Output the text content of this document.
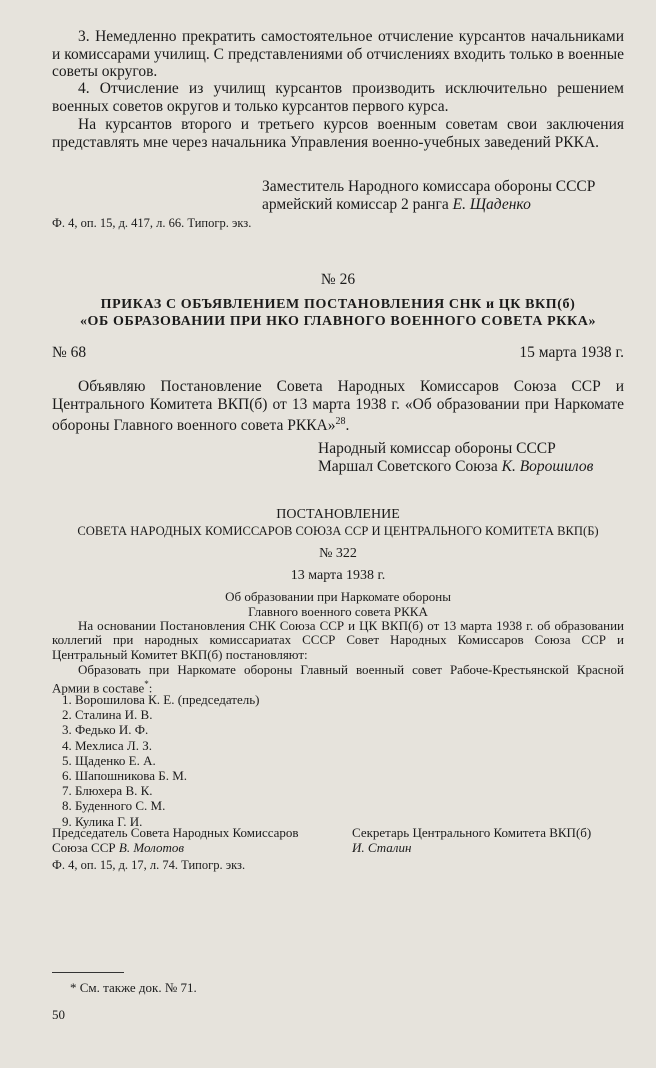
3. Немедленно прекратить самостоятельное отчисление курсантов начальниками и комиссарами училищ. С представлениями об отчислениях входить только в военные советы округов.

4. Отчисление из училищ курсантов производить исключительно решением военных советов округов и только курсантов первого курса.

На курсантов второго и третьего курсов военным советам свои заключения представлять мне через начальника Управления военно-учебных заведений РККА.

Заместитель Народного комиссара обороны СССР

армейский комиссар 2 ранга Е. Щаденко

Ф. 4, оп. 15, д. 417, л. 66. Типогр. экз.

№ 26

ПРИКАЗ С ОБЪЯВЛЕНИЕМ ПОСТАНОВЛЕНИЯ СНК и ЦК ВКП(б)

«ОБ ОБРАЗОВАНИИ ПРИ НКО ГЛАВНОГО ВОЕННОГО СОВЕТА РККА»

№ 68	15 марта 1938 г.

Объявляю Постановление Совета Народных Комиссаров Союза ССР и Центрального Комитета ВКП(б) от 13 марта 1938 г. «Об образовании при Наркомате обороны Главного военного совета РККА»$^{28}$.

Народный комиссар обороны СССР

Маршал Советского Союза К. Ворошилов

ПОСТАНОВЛЕНИЕ

СОВЕТА НАРОДНЫХ КОМИССАРОВ СОЮЗА ССР И ЦЕНТРАЛЬНОГО КОМИТЕТА ВКП(Б)

№ 322

13 марта 1938 г.

Об образовании при Наркомате обороны

Главного военного совета РККА

На основании Постановления СНК Союза ССР и ЦК ВКП(б) от 13 марта 1938 г. об образовании коллегий при народных комиссариатах СССР Совет Народных Комиссаров Союза ССР и Центральный Комитет ВКП(б) постановляют:

Образовать при Наркомате обороны Главный военный совет Рабоче-Крестьянской Красной Армии в составе*:

1. Ворошилова К. Е. (председатель)
2. Сталина И. В.
3. Федько И. Ф.
4. Мехлиса Л. З.
5. Щаденко Е. А.
6. Шапошникова Б. М.
7. Блюхера В. К.
8. Буденного С. М.
9. Кулика Г. И.

Председатель Совета Народных Комиссаров

Союза ССР В. Молотов

Секретарь Центрального Комитета ВКП(б)

И. Сталин

Ф. 4, оп. 15, д. 17, л. 74. Типогр. экз.

* См. также док. № 71.

50
